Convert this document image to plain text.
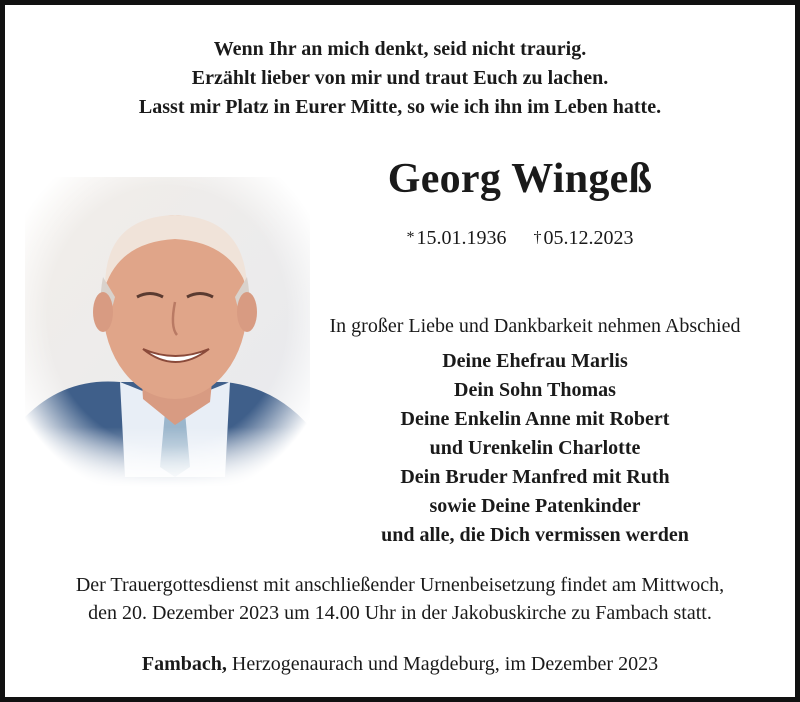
Wenn Ihr an mich denkt, seid nicht traurig.
Erzählt lieber von mir und traut Euch zu lachen.
Lasst mir Platz in Eurer Mitte, so wie ich ihn im Leben hatte.
Georg Wingeß
* 15.01.1936 † 05.12.2023
In großer Liebe und Dankbarkeit nehmen Abschied
Deine Ehefrau Marlis
Dein Sohn Thomas
Deine Enkelin Anne mit Robert
und Urenkelin Charlotte
Dein Bruder Manfred mit Ruth
sowie Deine Patenkinder
und alle, die Dich vermissen werden
Der Trauergottesdienst mit anschließender Urnenbeisetzung findet am Mittwoch,
den 20. Dezember 2023 um 14.00 Uhr in der Jakobuskirche zu Fambach statt.
Fambach, Herzogenaurach und Magdeburg, im Dezember 2023
